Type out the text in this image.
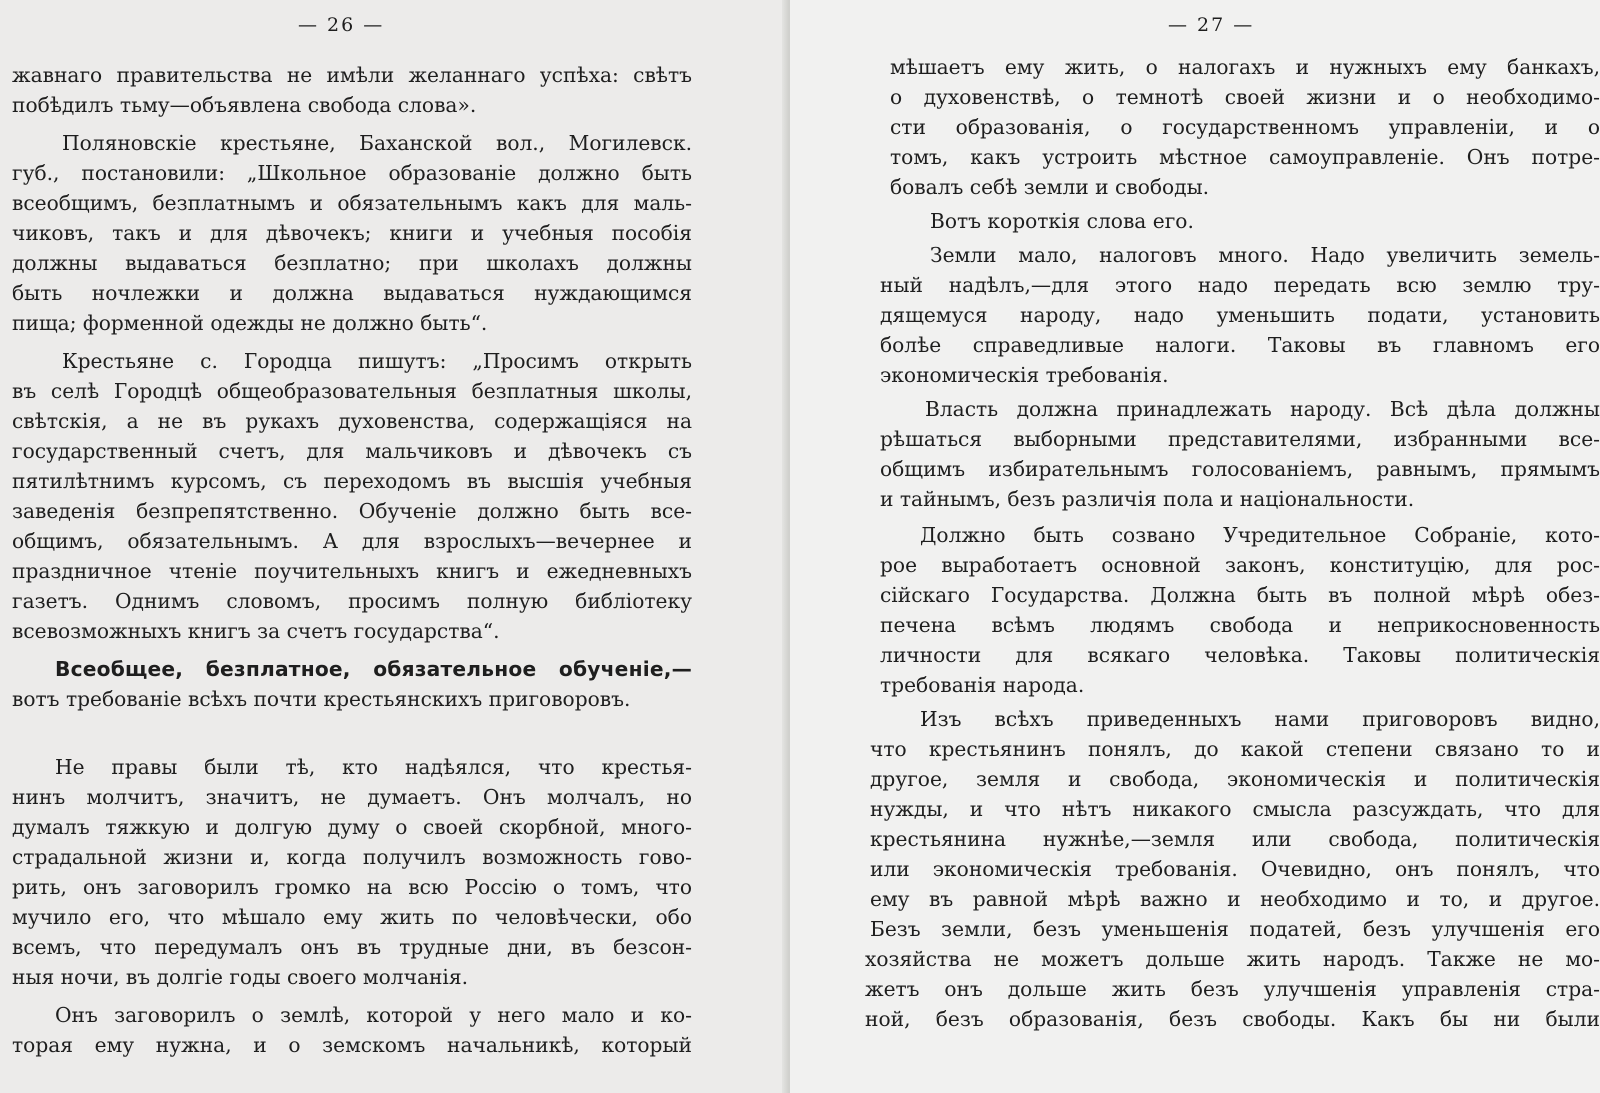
— 26 —
жавнаго правительства не имѣли желаннаго успѣха: свѣтъ
побѣдилъ тьму—объявлена свобода слова».
Поляновскіе крестьяне, Баханской вол., Могилевск.
губ., постановили: „Школьное образованіе должно быть
всеобщимъ, безплатнымъ и обязательнымъ какъ для маль-
чиковъ, такъ и для дѣвочекъ; книги и учебныя пособія
должны выдаваться безплатно; при школахъ должны
быть ночлежки и должна выдаваться нуждающимся
пища; форменной одежды не должно быть“.
Крестьяне с. Городца пишутъ: „Просимъ открыть
въ селѣ Городцѣ общеобразовательныя безплатныя школы,
свѣтскія, а не въ рукахъ духовенства, содержащіяся на
государственный счетъ, для мальчиковъ и дѣвочекъ съ
пятилѣтнимъ курсомъ, съ переходомъ въ высшія учебныя
заведенія безпрепятственно. Обученіе должно быть все-
общимъ, обязательнымъ. А для взрослыхъ—вечернее и
праздничное чтеніе поучительныхъ книгъ и ежедневныхъ
газетъ. Однимъ словомъ, просимъ полную библіотеку
всевозможныхъ книгъ за счетъ государства“.
Всеобщее, безплатное, обязательное обученіе,—
вотъ требованіе всѣхъ почти крестьянскихъ приговоровъ.
Не правы были тѣ, кто надѣялся, что крестья-
нинъ молчитъ, значитъ, не думаетъ. Онъ молчалъ, но
думалъ тяжкую и долгую думу о своей скорбной, много-
страдальной жизни и, когда получилъ возможность гово-
рить, онъ заговорилъ громко на всю Россію о томъ, что
мучило его, что мѣшало ему жить по человѣчески, обо
всемъ, что передумалъ онъ въ трудные дни, въ безсон-
ныя ночи, въ долгіе годы своего молчанія.
Онъ заговорилъ о землѣ, которой у него мало и ко-
торая ему нужна, и о земскомъ начальникѣ, который
— 27 —
мѣшаетъ ему жить, о налогахъ и нужныхъ ему банкахъ,
о духовенствѣ, о темнотѣ своей жизни и о необходимо-
сти образованія, о государственномъ управленіи, и о
томъ, какъ устроить мѣстное самоуправленіе. Онъ потре-
бовалъ себѣ земли и свободы.
Вотъ короткія слова его.
Земли мало, налоговъ много. Надо увеличить земель-
ный надѣлъ,—для этого надо передать всю землю тру-
дящемуся народу, надо уменьшить подати, установить
болѣе справедливые налоги. Таковы въ главномъ его
экономическія требованія.
Власть должна принадлежать народу. Всѣ дѣла должны
рѣшаться выборными представителями, избранными все-
общимъ избирательнымъ голосованіемъ, равнымъ, прямымъ
и тайнымъ, безъ различія пола и національности.
Должно быть созвано Учредительное Собраніе, кото-
рое выработаетъ основной законъ, конституцію, для рос-
сійскаго Государства. Должна быть въ полной мѣрѣ обез-
печена всѣмъ людямъ свобода и неприкосновенность
личности для всякаго человѣка. Таковы политическія
требованія народа.
Изъ всѣхъ приведенныхъ нами приговоровъ видно,
что крестьянинъ понялъ, до какой степени связано то и
другое, земля и свобода, экономическія и политическія
нужды, и что нѣтъ никакого смысла разсуждать, что для
крестьянина нужнѣе,—земля или свобода, политическія
или экономическія требованія. Очевидно, онъ понялъ, что
ему въ равной мѣрѣ важно и необходимо и то, и другое.
Безъ земли, безъ уменьшенія податей, безъ улучшенія его
хозяйства не можетъ дольше жить народъ. Также не мо-
жетъ онъ дольше жить безъ улучшенія управленія стра-
ной, безъ образованія, безъ свободы. Какъ бы ни были
